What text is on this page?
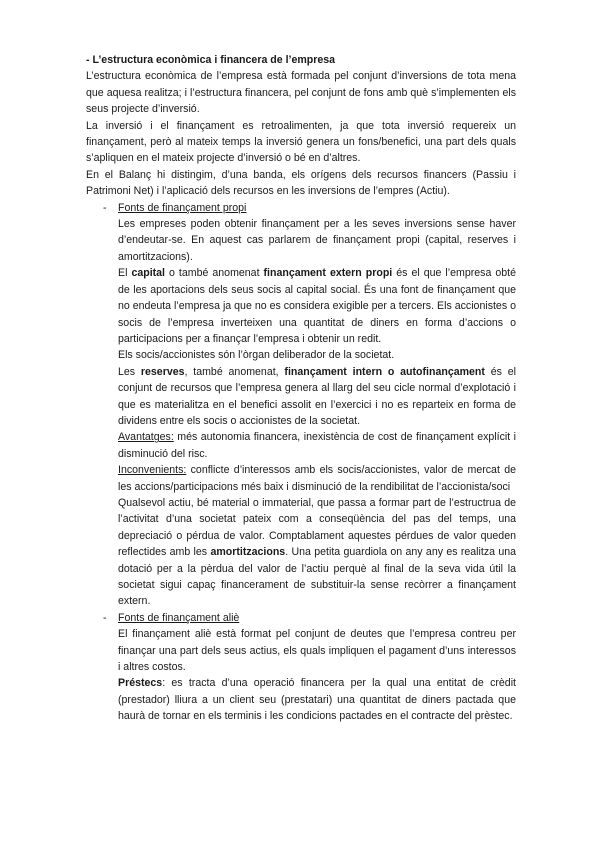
- L’estructura econòmica i financera de l’empresa

L’estructura econòmica de l’empresa està formada pel conjunt d’inversions de tota mena que aquesa realitza; i l’estructura financera, pel conjunt de fons amb què s’implementen els seus projecte d’inversió.

La inversió i el finançament es retroalimenten, ja que tota inversió requereix un finançament, però al mateix temps la inversió genera un fons/benefici, una part dels quals s’apliquen en el mateix projecte d’inversió o bé en d’altres.

En el Balanç hi distingim, d’una banda, els orígens dels recursos financers (Passiu i Patrimoni Net) i l’aplicació dels recursos en les inversions de l’empres (Actiu).

- Fonts de finançament propi

Les empreses poden obtenir finançament per a les seves inversions sense haver d’endeutar-se. En aquest cas parlarem de finançament propi (capital, reserves i amortitzacions).

El capital o també anomenat finançament extern propi és el que l’empresa obté de les aportacions dels seus socis al capital social. És una font de finançament que no endeuta l’empresa ja que no es considera exigible per a tercers. Els accionistes o socis de l’empresa inverteixen una quantitat de diners en forma d’accions o participacions per a finançar l’empresa i obtenir un redit.

Els socis/accionistes són l’òrgan deliberador de la societat.

Les reserves, també anomenat, finançament intern o autofinançament és el conjunt de recursos que l’empresa genera al llarg del seu cicle normal d’explotació i que es materialitza en el benefici assolit en l’exercici i no es reparteix en forma de dividens entre els socis o accionistes de la societat.

Avantatges: més autonomia financera, inexistència de cost de finançament explícit i disminució del risc.

Inconvenients: conflicte d’interessos amb els socis/accionistes, valor de mercat de les accions/participacions més baix i disminució de la rendibilitat de l’accionista/soci

Qualsevol actiu, bé material o immaterial, que passa a formar part de l’estructrua de l’activitat d’una societat pateix com a conseqüència del pas del temps, una depreciació o pérdua de valor. Comptablament aquestes pérdues de valor queden reflectides amb les amortitzacions. Una petita guardiola on any any es realitza una dotació per a la pèrdua del valor de l’actiu perquè al final de la seva vida útil la societat sigui capaç financerament de substituir-la sense recòrrer a finançament extern.

- Fonts de finançament aliè

El finançament aliè està format pel conjunt de deutes que l’empresa contreu per finançar una part dels seus actius, els quals impliquen el pagament d’uns interessos i altres costos.

Préstecs: es tracta d’una operació financera per la qual una entitat de crèdit (prestador) lliura a un client seu (prestatari) una quantitat de diners pactada que haurà de tornar en els terminis i les condicions pactades en el contracte del prèstec.
